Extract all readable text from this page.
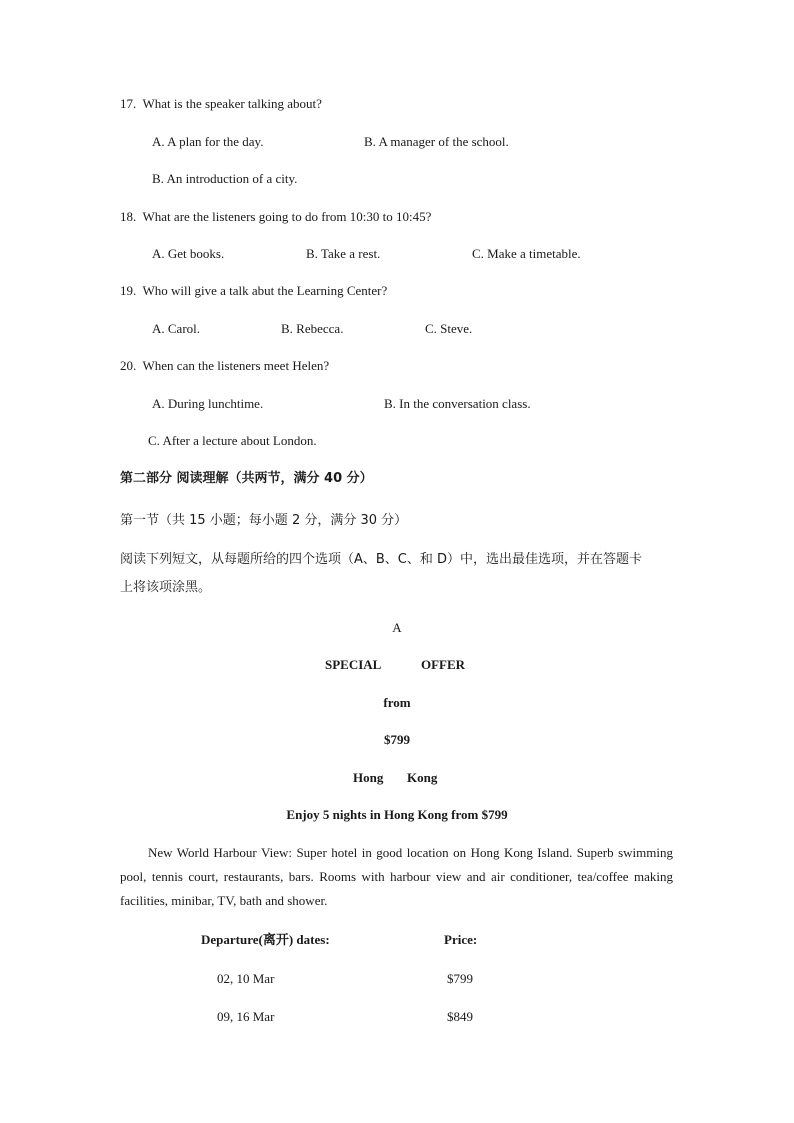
17. What is the speaker talking about?
A. A plan for the day.	B. A manager of the school.
B. An introduction of a city.
18. What are the listeners going to do from 10:30 to 10:45?
A. Get books.	B. Take a rest.	C. Make a timetable.
19. Who will give a talk abut the Learning Center?
A. Carol.	B. Rebecca.	C. Steve.
20. When can the listeners meet Helen?
A. During lunchtime.	B. In the conversation class.
C. After a lecture about London.
第二部分 阅读理解（共两节，满分 40 分）
第一节（共 15 小题；每小题 2 分，满分 30 分）
阅读下列短文，从每题所给的四个选项（A、B、C、和 D）中，选出最佳选项，并在答题卡
上将该项涂黑。
A
SPECIAL	OFFER
from
$799
Hong Kong
Enjoy 5 nights in Hong Kong from $799
New World Harbour View: Super hotel in good location on Hong Kong Island. Superb swimming pool, tennis court, restaurants, bars. Rooms with harbour view and air conditioner, tea/coffee making facilities, minibar, TV, bath and shower.
Departure(离开) dates:	Price:
02, 10 Mar	$799
09, 16 Mar	$849
